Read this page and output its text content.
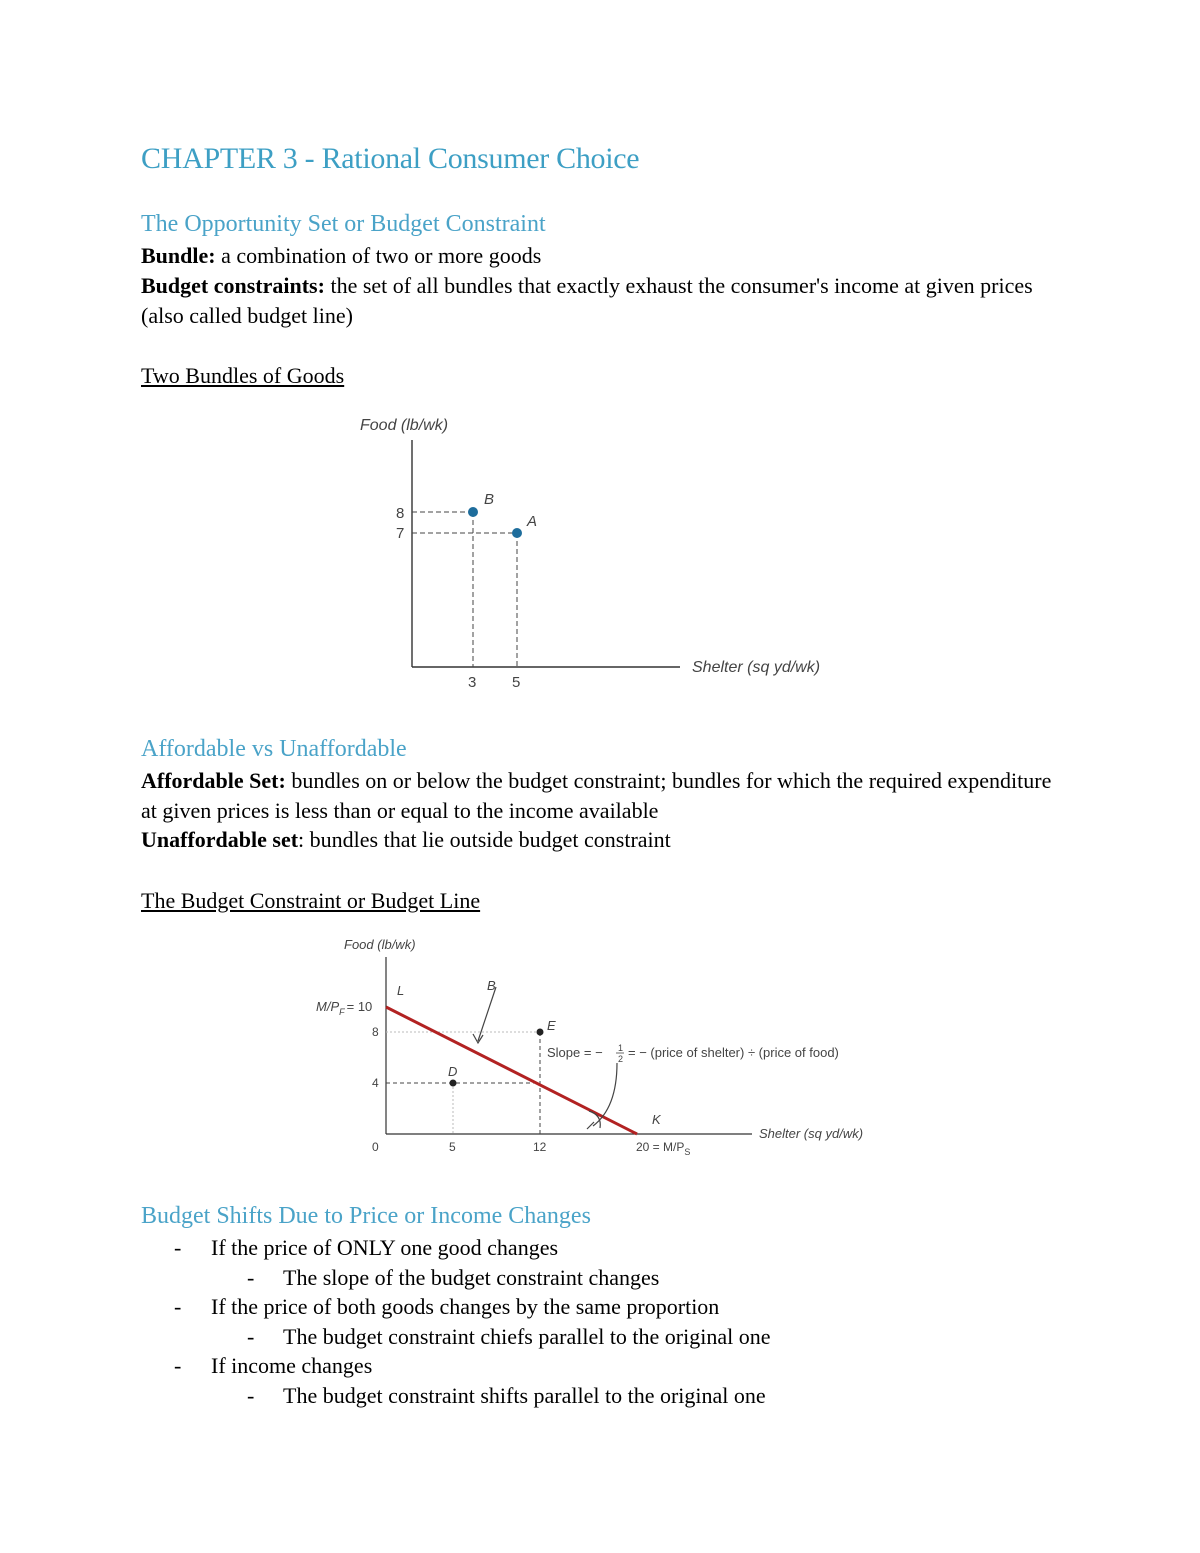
CHAPTER 3 - Rational Consumer Choice
The Opportunity Set or Budget Constraint

Bundle: a combination of two or more goods

Budget constraints: the set of all bundles that exactly exhaust the consumer's income at given prices (also called budget line)

Two Bundles of Goods

Food (lb/wk)
Shelter (sq yd/wk)
B
A
8
7
3 5
Affordable vs Unaffordable

Affordable Set: bundles on or below the budget constraint; bundles for which the required expenditure at given prices is less than or equal to the income available

Unaffordable set: bundles that lie outside budget constraint

The Budget Constraint or Budget Line

Food (lb/wk)
Shelter (sq yd/wk)
B
L
E
D
K
$M/P_F = 10$
8
4
0	5	12	$20 = M/P_S$
Slope = − 1
2 = − (price of shelter) ÷ (price of food)
Budget Shifts Due to Price or Income Changes
- If the price of ONLY one good changes
- The slope of the budget constraint changes
- If the price of both goods changes by the same proportion
- The budget constraint chiefs parallel to the original one
- If income changes
- The budget constraint shifts parallel to the original one
